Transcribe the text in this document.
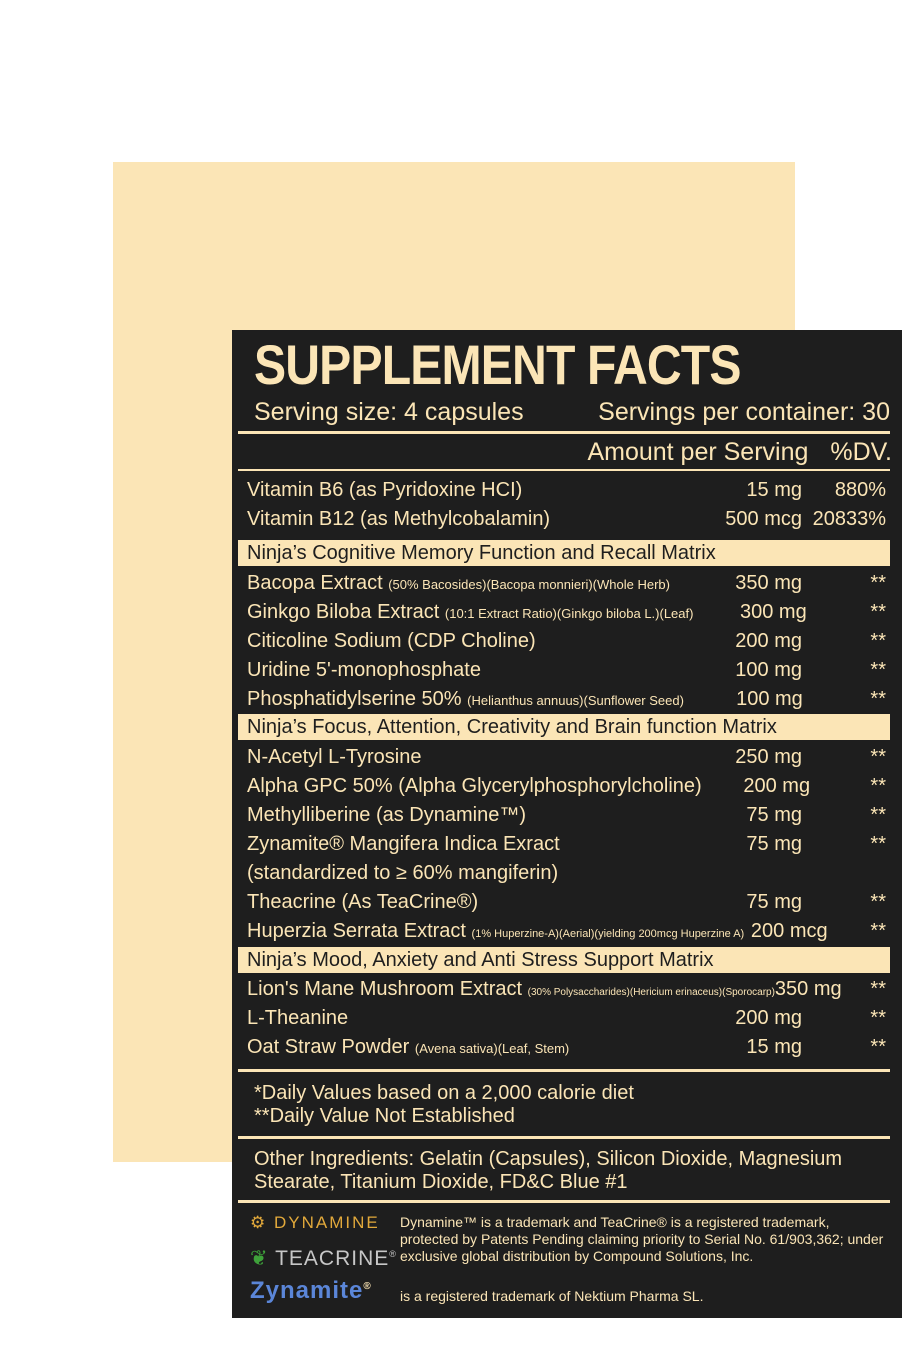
SUPPLEMENT FACTS
Serving size: 4 capsules	Servings per container: 30
Amount per Serving %DV.
Vitamin B6 (as Pyridoxine HCI)	15 mg	880%
Vitamin B12 (as Methylcobalamin)	500 mcg 20833%
Ninja’s Cognitive Memory Function and Recall Matrix
Bacopa Extract (50% Bacosides)(Bacopa monnieri)(Whole Herb)	350 mg	**
Ginkgo Biloba Extract (10:1 Extract Ratio)(Ginkgo biloba L.)(Leaf)	300 mg	**
Citicoline Sodium (CDP Choline)	200 mg	**
Uridine 5'-monophosphate	100 mg	**
Phosphatidylserine 50% (Helianthus annuus)(Sunflower Seed)	100 mg	**
Ninja’s Focus, Attention, Creativity and Brain function Matrix
N-Acetyl L-Tyrosine	250 mg	**
Alpha GPC 50% (Alpha Glycerylphosphorylcholine)	200 mg	**
Methylliberine (as Dynamine™)	75 mg	**
Zynamite® Mangifera Indica Exract	75 mg	**
(standardized to ≥ 60% mangiferin)
Theacrine (As TeaCrine®)	75 mg	**
Huperzia Serrata Extract (1% Huperzine-A)(Aerial)(yielding 200mcg Huperzine A) 200 mcg	**
Ninja’s Mood, Anxiety and Anti Stress Support Matrix
Lion's Mane Mushroom Extract (30% Polysaccharides)(Hericium erinaceus)(Sporocarp) 350 mg	**
L-Theanine	200 mg	**
Oat Straw Powder (Avena sativa)(Leaf, Stem)	15 mg	**
*Daily Values based on a 2,000 calorie diet
**Daily Value Not Established
Other Ingredients: Gelatin (Capsules), Silicon Dioxide, Magnesium Stearate, Titanium Dioxide, FD&C Blue #1
⚙ DYNAMINE
❦ TEACRINE®
Zynamite®
Dynamine™ is a trademark and TeaCrine® is a registered trademark, protected by Patents Pending claiming priority to Serial No. 61/903,362; under exclusive global distribution by Compound Solutions, Inc.
is a registered trademark of Nektium Pharma SL.
